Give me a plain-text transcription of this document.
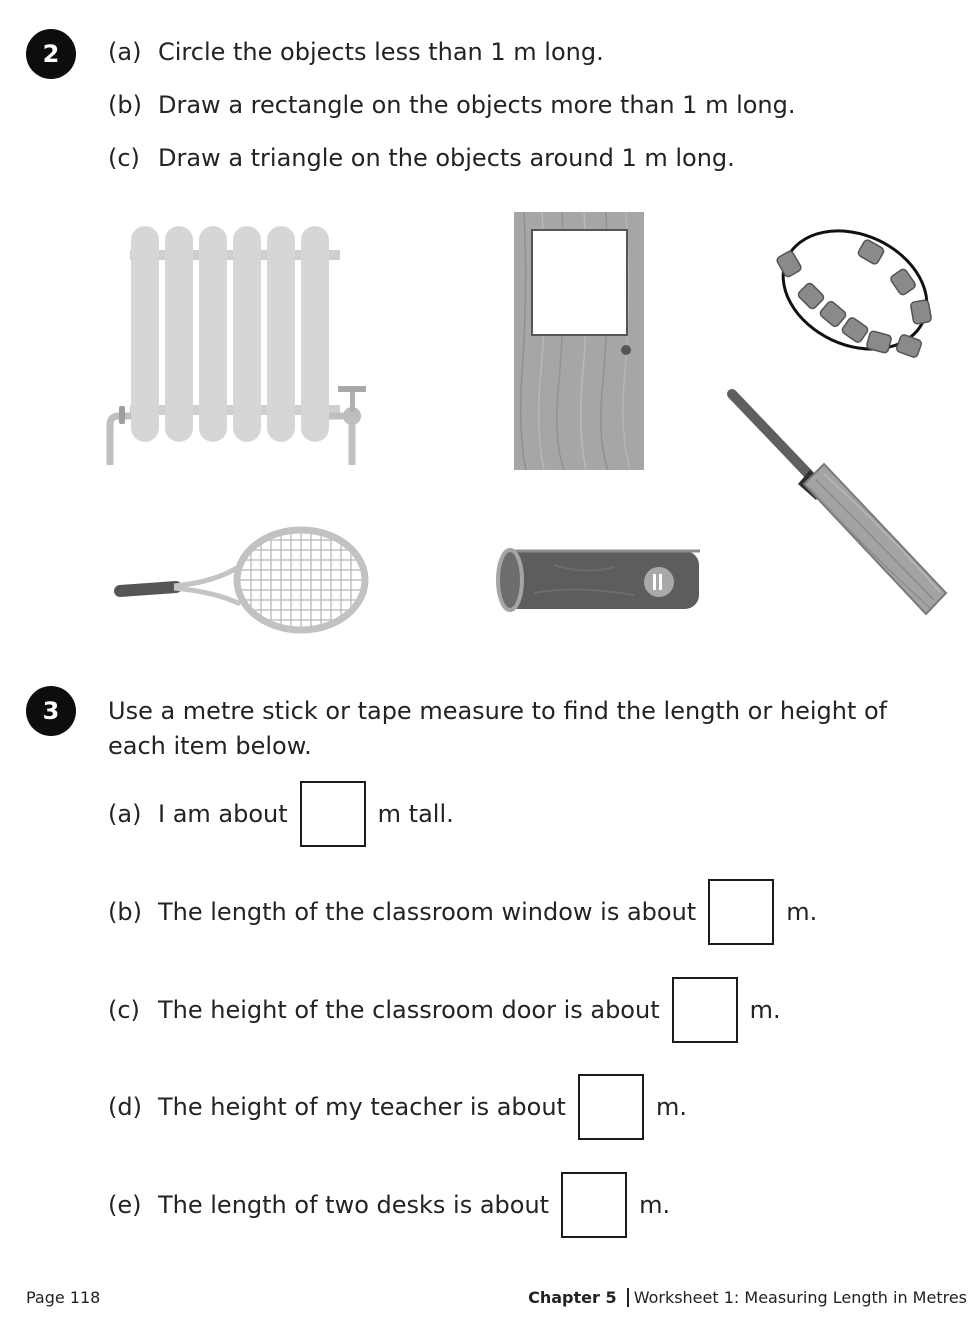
2	(a) Circle the objects less than 1 m long.
(b) Draw a rectangle on the objects more than 1 m long.
(c) Draw a triangle on the objects around 1 m long.
3	Use a metre stick or tape measure to find the length or height of each item below.
(a) I am about	m tall.
(b) The length of the classroom window is about	m.
(c) The height of the classroom door is about	m.
(d) The height of my teacher is about	m.
(e) The length of two desks is about	m.
Page 118	Chapter 5 Worksheet 1: Measuring Length in Metres
